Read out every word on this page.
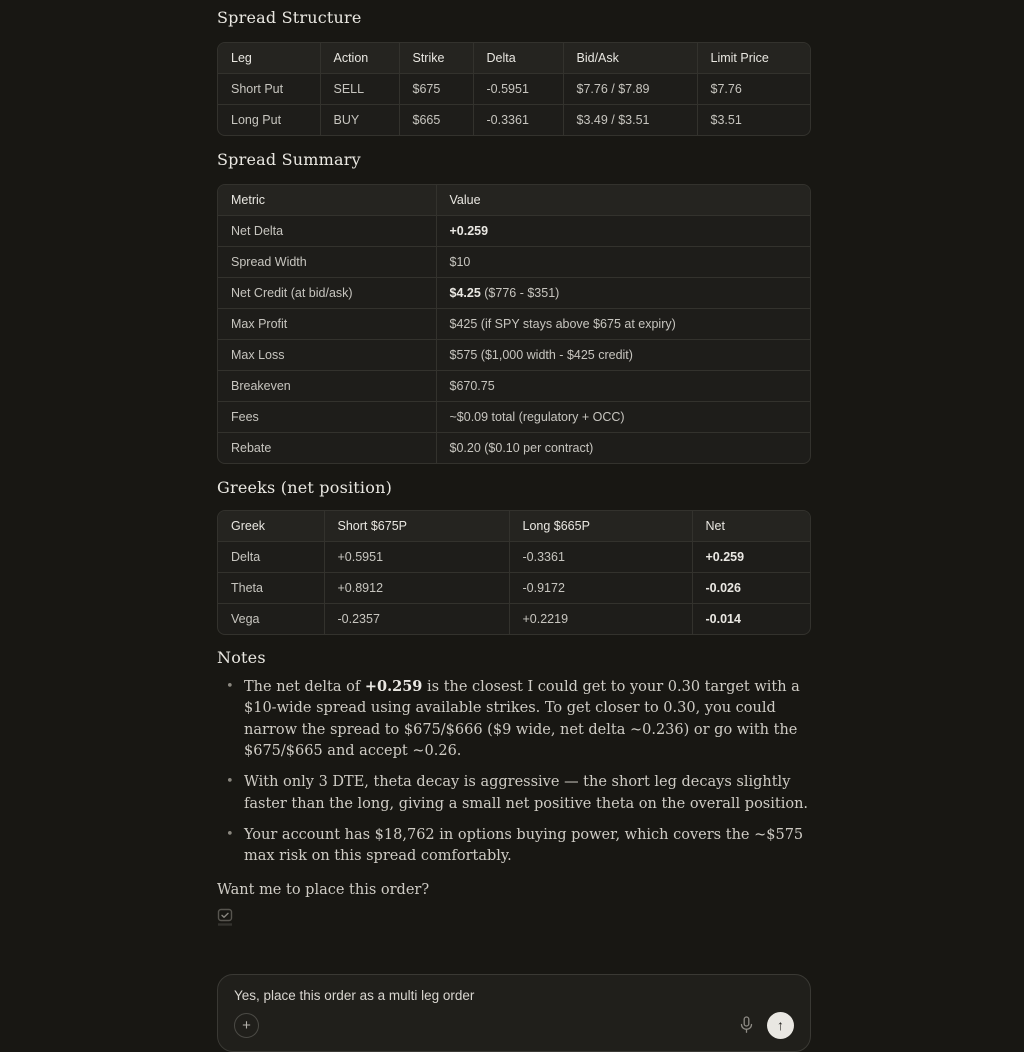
Spread Structure
Leg	Action	Strike	Delta	Bid/Ask	Limit Price
Short Put	SELL	$675	-0.5951	$7.76 / $7.89	$7.76
Long Put	BUY	$665	-0.3361	$3.49 / $3.51	$3.51
Spread Summary
Metric	Value
Net Delta	+0.259
Spread Width	$10
Net Credit (at bid/ask)	$4.25 ($776 - $351)
Max Profit	$425 (if SPY stays above $675 at expiry)
Max Loss	$575 ($1,000 width - $425 credit)
Breakeven	$670.75
Fees	~$0.09 total (regulatory + OCC)
Rebate	$0.20 ($0.10 per contract)
Greeks (net position)
Greek	Short $675P	Long $665P	Net
Delta	+0.5951	-0.3361	+0.259
Theta	+0.8912	-0.9172	-0.026
Vega	-0.2357	+0.2219	-0.014
Notes
• The net delta of +0.259 is the closest I could get to your 0.30 target with a $10-wide spread using available strikes. To get closer to 0.30, you could narrow the spread to $675/$666 ($9 wide, net delta ~0.236) or go with the $675/$665 and accept ~0.26.
• With only 3 DTE, theta decay is aggressive — the short leg decays slightly faster than the long, giving a small net positive theta on the overall position.
• Your account has $18,762 in options buying power, which covers the ~$575 max risk on this spread comfortably.

Want me to place this order?

Yes, place this order as a multi leg order
+	↑
